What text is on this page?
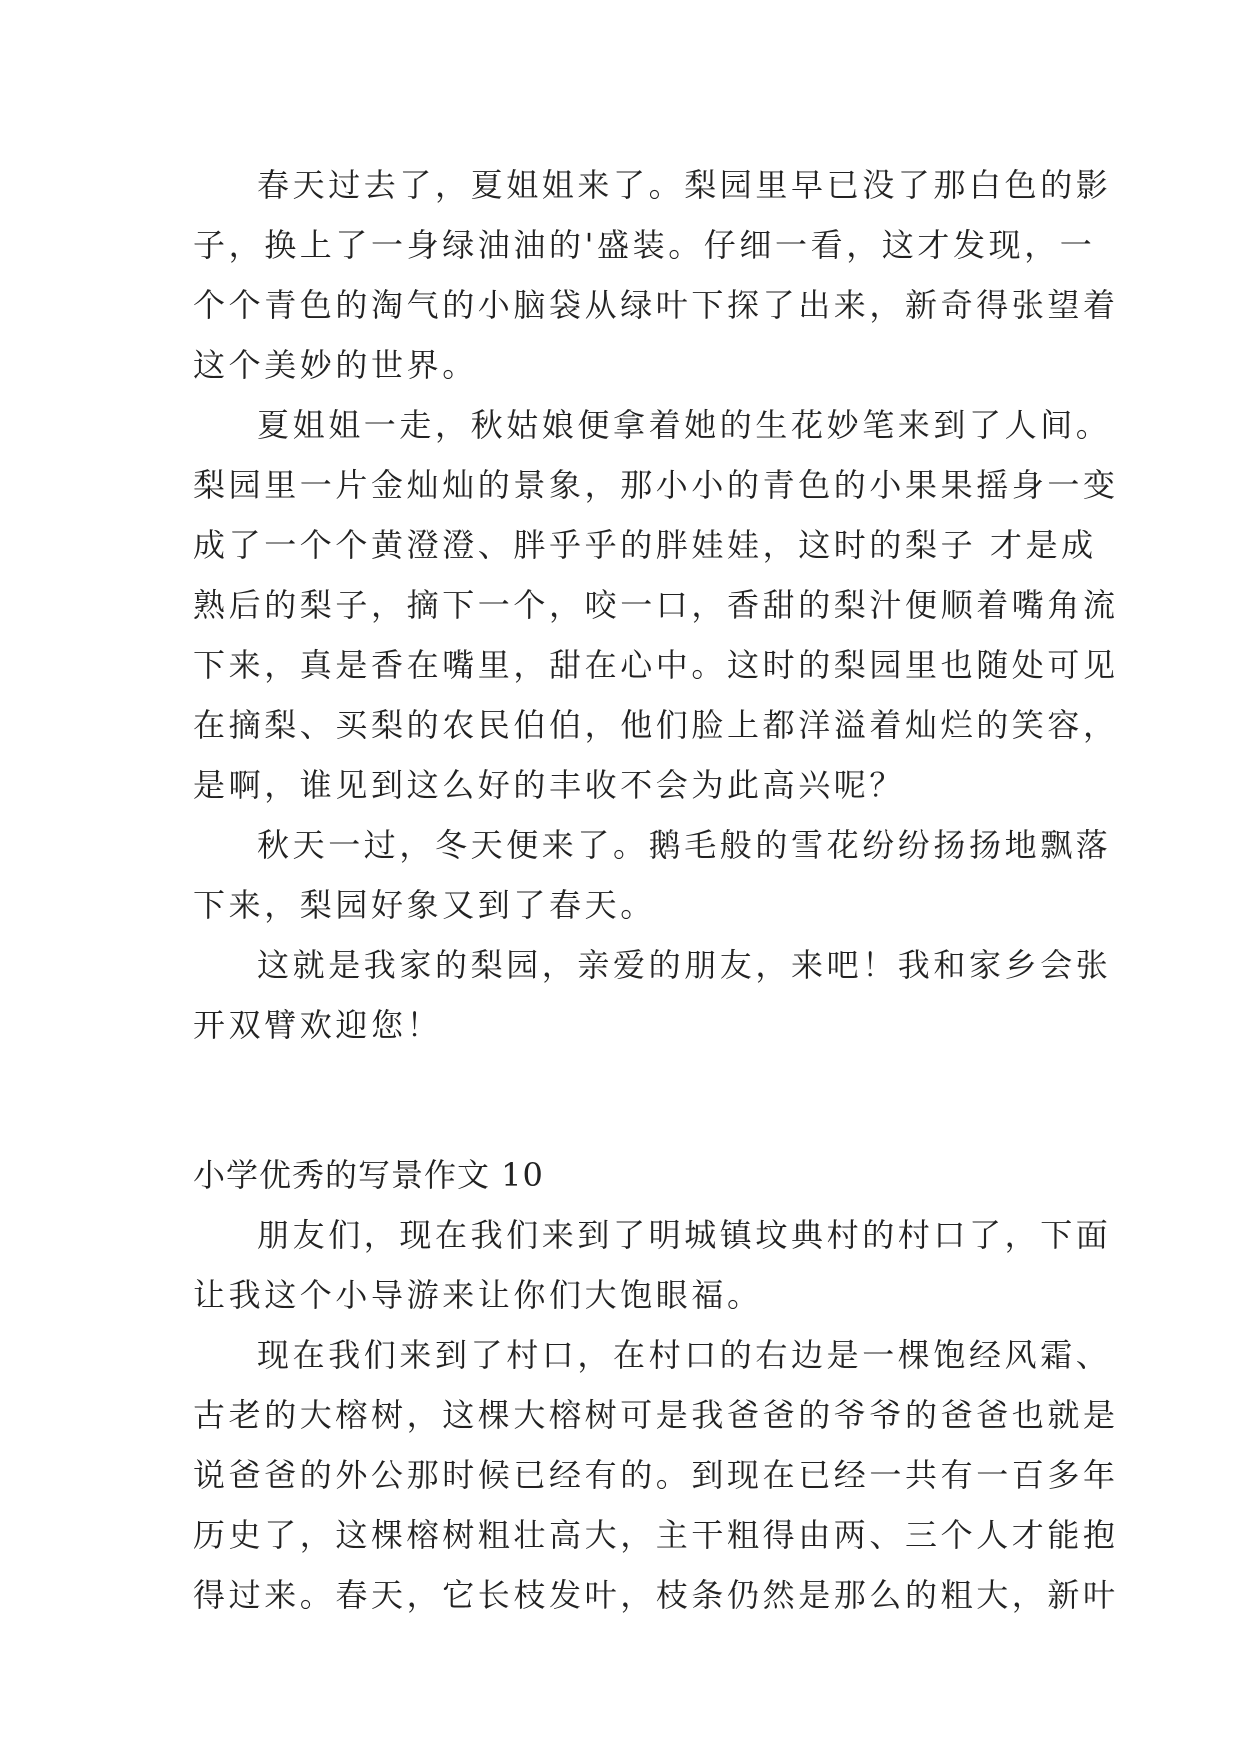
春天过去了，夏姐姐来了。梨园里早已没了那白色的影
子，换上了一身绿油油的'盛装。仔细一看，这才发现，一
个个青色的淘气的小脑袋从绿叶下探了出来，新奇得张望着
这个美妙的世界。
夏姐姐一走，秋姑娘便拿着她的生花妙笔来到了人间。
梨园里一片金灿灿的景象，那小小的青色的小果果摇身一变
成了一个个黄澄澄、胖乎乎的胖娃娃，这时的梨子 才是成
熟后的梨子，摘下一个，咬一口，香甜的梨汁便顺着嘴角流
下来，真是香在嘴里，甜在心中。这时的梨园里也随处可见
在摘梨、买梨的农民伯伯，他们脸上都洋溢着灿烂的笑容，
是啊，谁见到这么好的丰收不会为此高兴呢？
秋天一过，冬天便来了。鹅毛般的雪花纷纷扬扬地飘落
下来，梨园好象又到了春天。
这就是我家的梨园，亲爱的朋友，来吧！我和家乡会张
开双臂欢迎您！
小学优秀的写景作文 10
朋友们，现在我们来到了明城镇坟典村的村口了，下面
让我这个小导游来让你们大饱眼福。
现在我们来到了村口，在村口的右边是一棵饱经风霜、
古老的大榕树，这棵大榕树可是我爸爸的爷爷的爸爸也就是
说爸爸的外公那时候已经有的。到现在已经一共有一百多年
历史了，这棵榕树粗壮高大，主干粗得由两、三个人才能抱
得过来。春天，它长枝发叶，枝条仍然是那么的粗大，新叶
